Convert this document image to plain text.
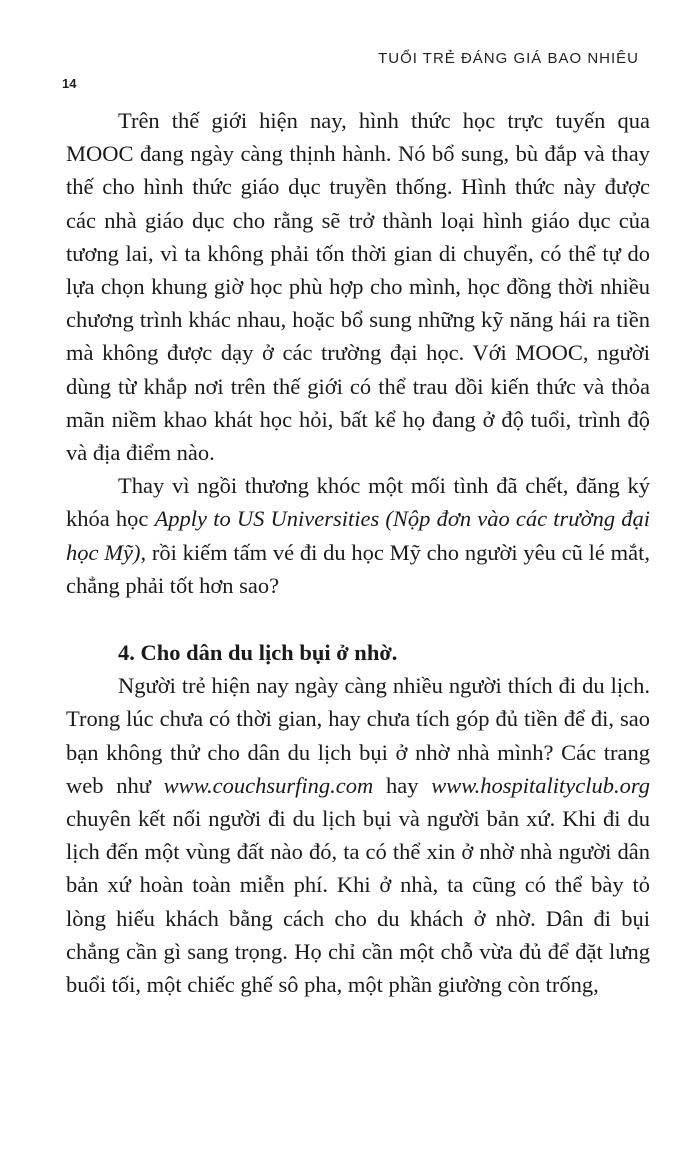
TUỔI TRẺ ĐÁNG GIÁ BAO NHIÊU
14

Trên thế giới hiện nay, hình thức học trực tuyến qua MOOC đang ngày càng thịnh hành. Nó bổ sung, bù đắp và thay thế cho hình thức giáo dục truyền thống. Hình thức này được các nhà giáo dục cho rằng sẽ trở thành loại hình giáo dục của tương lai, vì ta không phải tốn thời gian di chuyển, có thể tự do lựa chọn khung giờ học phù hợp cho mình, học đồng thời nhiều chương trình khác nhau, hoặc bổ sung những kỹ năng hái ra tiền mà không được dạy ở các trường đại học. Với MOOC, người dùng từ khắp nơi trên thế giới có thể trau dồi kiến thức và thỏa mãn niềm khao khát học hỏi, bất kể họ đang ở độ tuổi, trình độ và địa điểm nào.

Thay vì ngồi thương khóc một mối tình đã chết, đăng ký khóa học Apply to US Universities (Nộp đơn vào các trường đại học Mỹ), rồi kiếm tấm vé đi du học Mỹ cho người yêu cũ lé mắt, chẳng phải tốt hơn sao?

4. Cho dân du lịch bụi ở nhờ.

Người trẻ hiện nay ngày càng nhiều người thích đi du lịch. Trong lúc chưa có thời gian, hay chưa tích góp đủ tiền để đi, sao bạn không thử cho dân du lịch bụi ở nhờ nhà mình? Các trang web như www.couchsurfing.com hay www.hospitalityclub.org chuyên kết nối người đi du lịch bụi và người bản xứ. Khi đi du lịch đến một vùng đất nào đó, ta có thể xin ở nhờ nhà người dân bản xứ hoàn toàn miễn phí. Khi ở nhà, ta cũng có thể bày tỏ lòng hiếu khách bằng cách cho du khách ở nhờ. Dân đi bụi chẳng cần gì sang trọng. Họ chỉ cần một chỗ vừa đủ để đặt lưng buổi tối, một chiếc ghế sô pha, một phần giường còn trống,
